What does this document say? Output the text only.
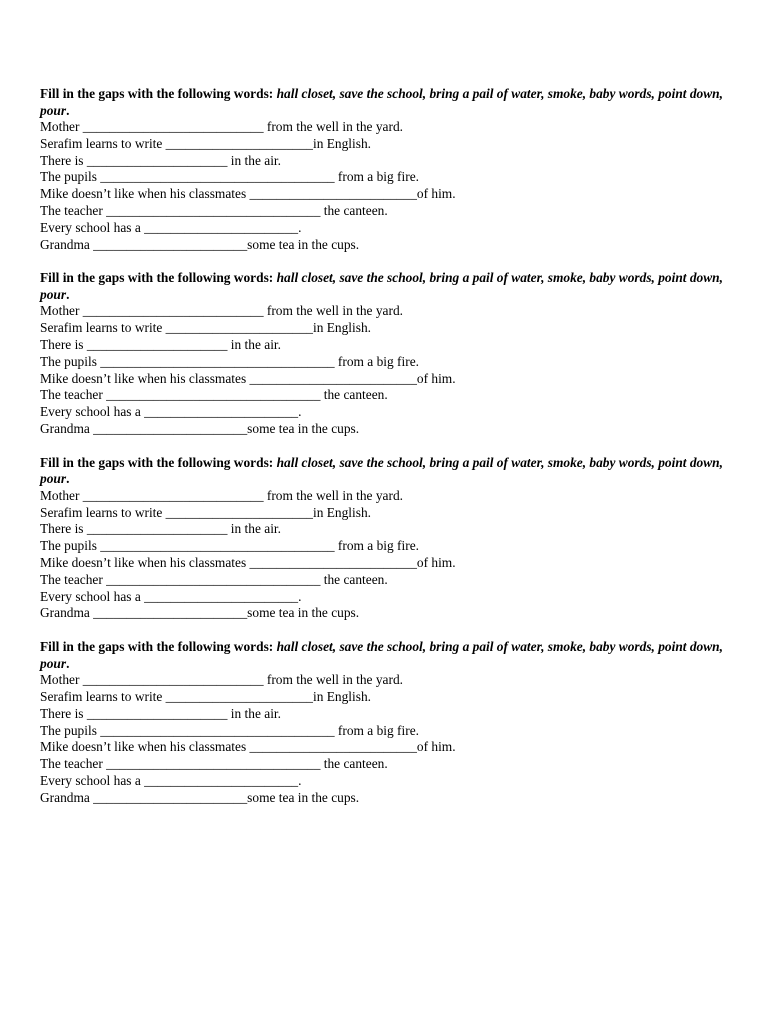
Fill in the gaps with the following words: hall closet, save the school, bring a pail of water, smoke, baby words, point down, pour.

Mother ___________________________ from the well in the yard.

Serafim learns to write ______________________in English.

There is _____________________ in the air.

The pupils ___________________________________ from a big fire.

Mike doesn’t like when his classmates _________________________of him.

The teacher ________________________________ the canteen.

Every school has a _______________________.

Grandma _______________________some tea in the cups.

Fill in the gaps with the following words: hall closet, save the school, bring a pail of water, smoke, baby words, point down, pour.

Mother ___________________________ from the well in the yard.

Serafim learns to write ______________________in English.

There is _____________________ in the air.

The pupils ___________________________________ from a big fire.

Mike doesn’t like when his classmates _________________________of him.

The teacher ________________________________ the canteen.

Every school has a _______________________.

Grandma _______________________some tea in the cups.

Fill in the gaps with the following words: hall closet, save the school, bring a pail of water, smoke, baby words, point down, pour.

Mother ___________________________ from the well in the yard.

Serafim learns to write ______________________in English.

There is _____________________ in the air.

The pupils ___________________________________ from a big fire.

Mike doesn’t like when his classmates _________________________of him.

The teacher ________________________________ the canteen.

Every school has a _______________________.

Grandma _______________________some tea in the cups.

Fill in the gaps with the following words: hall closet, save the school, bring a pail of water, smoke, baby words, point down, pour.

Mother ___________________________ from the well in the yard.

Serafim learns to write ______________________in English.

There is _____________________ in the air.

The pupils ___________________________________ from a big fire.

Mike doesn’t like when his classmates _________________________of him.

The teacher ________________________________ the canteen.

Every school has a _______________________.

Grandma _______________________some tea in the cups.
